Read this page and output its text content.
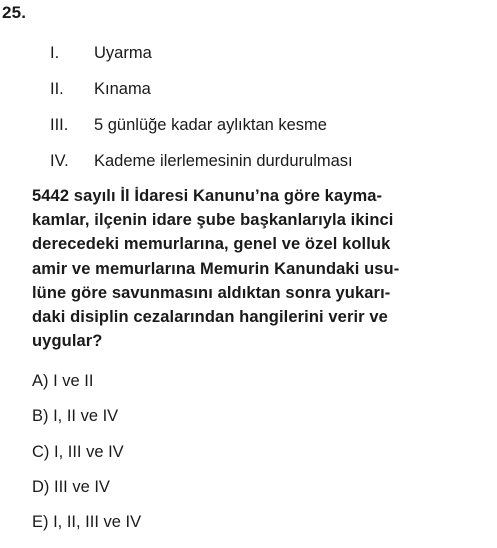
25.
I.	Uyarma
II.	Kınama
III.	5 günlüğe kadar aylıktan kesme
IV.	Kademe ilerlemesinin durdurulması
5442 sayılı İl İdaresi Kanunu’na göre kayma-
kamlar, ilçenin idare şube başkanlarıyla ikinci
derecedeki memurlarına, genel ve özel kolluk
amir ve memurlarına Memurin Kanundaki usu-
lüne göre savunmasını aldıktan sonra yukarı-
daki disiplin cezalarından hangilerini verir ve
uygular?
A) I ve II
B) I, II ve IV
C) I, III ve IV
D) III ve IV
E) I, II, III ve IV
